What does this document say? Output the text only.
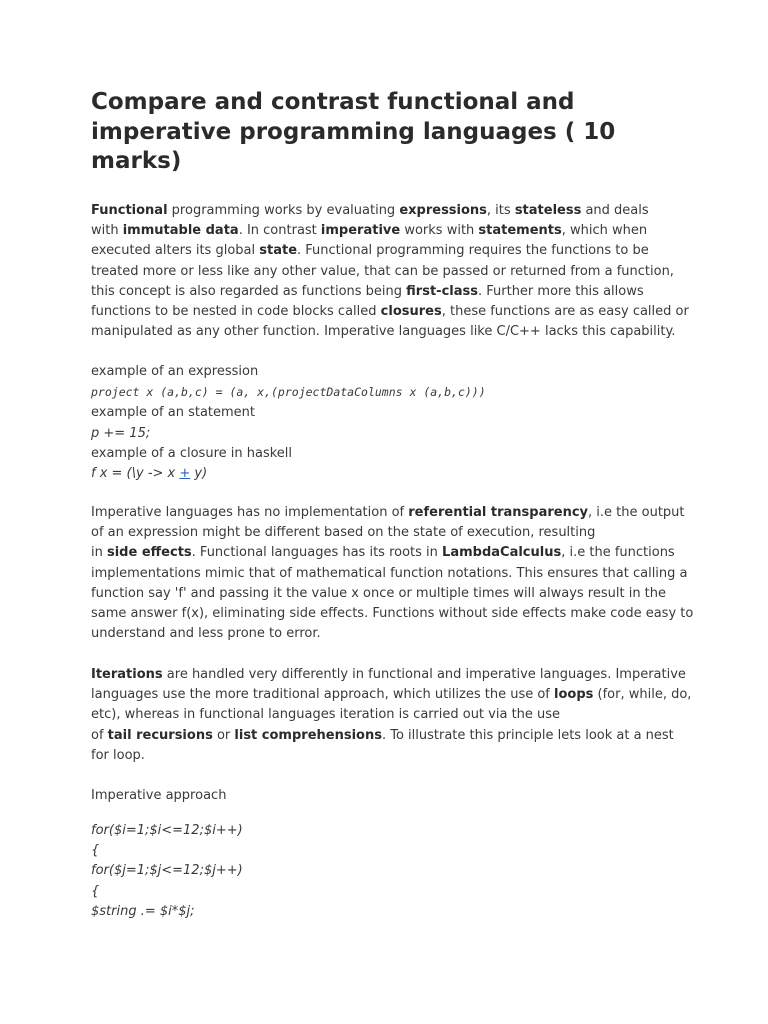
Compare and contrast functional and imperative programming languages ( 10 marks)
Functional programming works by evaluating expressions, its stateless and deals
with immutable data. In contrast imperative works with statements, which when
executed alters its global state. Functional programming requires the functions to be
treated more or less like any other value, that can be passed or returned from a function,
this concept is also regarded as functions being first-class. Further more this allows
functions to be nested in code blocks called closures, these functions are as easy called or
manipulated as any other function. Imperative languages like C/C++ lacks this capability.
example of an expression
project x (a,b,c) = (a, x,(projectDataColumns x (a,b,c)))
example of an statement
p += 15;
example of a closure in haskell
f x = (\y -> x + y)
Imperative languages has no implementation of referential transparency, i.e the output
of an expression might be different based on the state of execution, resulting
in side effects. Functional languages has its roots in LambdaCalculus, i.e the functions
implementations mimic that of mathematical function notations. This ensures that calling a
function say 'f' and passing it the value x once or multiple times will always result in the
same answer f(x), eliminating side effects. Functions without side effects make code easy to
understand and less prone to error.
Iterations are handled very differently in functional and imperative languages. Imperative
languages use the more traditional approach, which utilizes the use of loops (for, while, do,
etc), whereas in functional languages iteration is carried out via the use
of tail recursions or list comprehensions. To illustrate this principle lets look at a nest
for loop.
Imperative approach
for($i=1;$i<=12;$i++)
{
for($j=1;$j<=12;$j++)
{
$string .= $i*$j;
